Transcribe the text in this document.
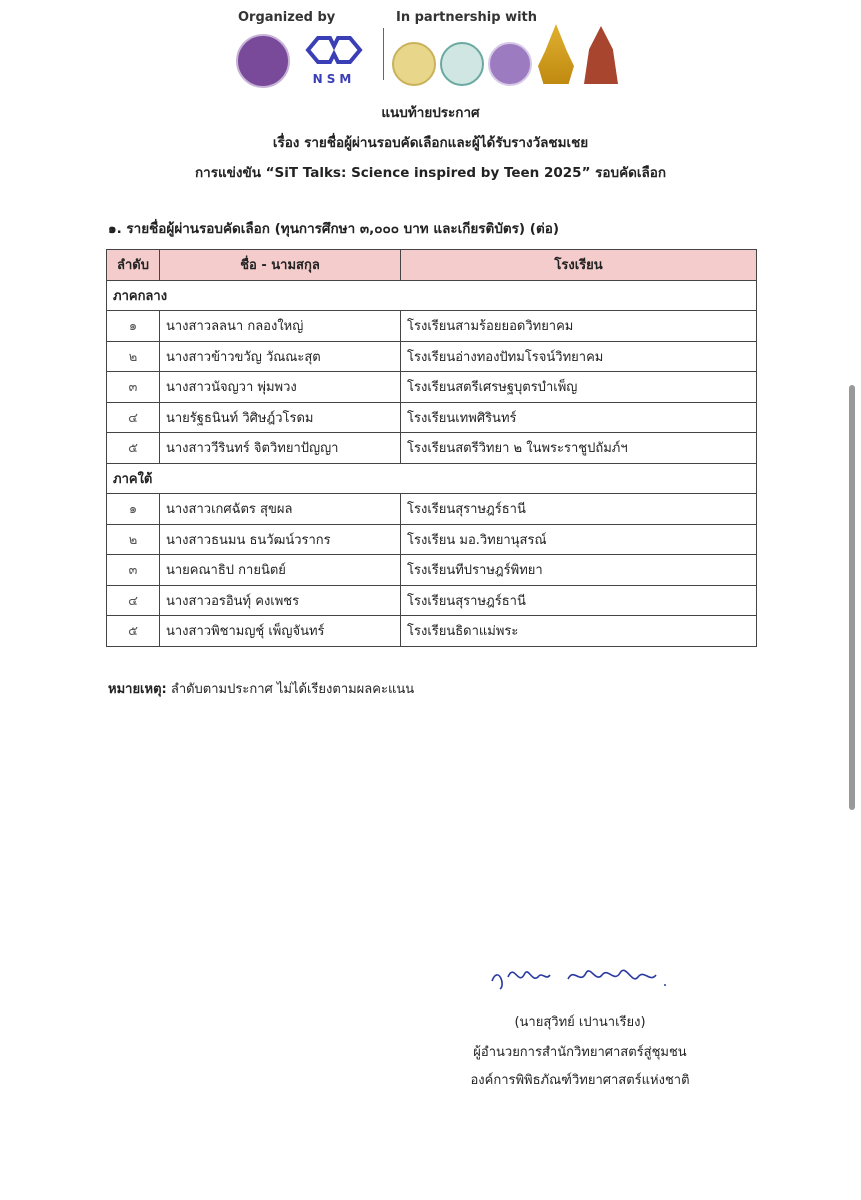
Organized by	In partnership with
NSM
แนบท้ายประกาศ
เรื่อง รายชื่อผู้ผ่านรอบคัดเลือกและผู้ได้รับรางวัลชมเชย
การแข่งขัน “SiT Talks: Science inspired by Teen 2025” รอบคัดเลือก
๑. รายชื่อผู้ผ่านรอบคัดเลือก (ทุนการศึกษา ๓,๐๐๐ บาท และเกียรติบัตร) (ต่อ)
ลำดับ	ชื่อ - นามสกุล	โรงเรียน
ภาคกลาง		
๑	นางสาวลลนา กลองใหญ่	โรงเรียนสามร้อยยอดวิทยาคม
๒	นางสาวข้าวขวัญ วัณณะสุต	โรงเรียนอ่างทองปัทมโรจน์วิทยาคม
๓	นางสาวนัจญวา พุ่มพวง	โรงเรียนสตรีเศรษฐบุตรบำเพ็ญ
๔	นายรัฐธนินท์ วิศิษฎ์วโรดม	โรงเรียนเทพศิรินทร์
๕	นางสาววีรินทร์ จิตวิทยาปัญญา	โรงเรียนสตรีวิทยา ๒ ในพระราชูปถัมภ์ฯ
ภาคใต้		
๑	นางสาวเกศฉัตร สุขผล	โรงเรียนสุราษฎร์ธานี
๒	นางสาวธนมน ธนวัฒน์วรากร	โรงเรียน มอ.วิทยานุสรณ์
๓	นายคณาธิป กายนิตย์	โรงเรียนทีปราษฎร์พิทยา
๔	นางสาวอรอินทุ์ คงเพชร	โรงเรียนสุราษฎร์ธานี
๕	นางสาวพิชามญชุ์ เพ็ญจันทร์	โรงเรียนธิดาแม่พระ
หมายเหตุ: ลำดับตามประกาศ ไม่ได้เรียงตามผลคะแนน
(นายสุวิทย์ เปานาเรียง)
ผู้อำนวยการสำนักวิทยาศาสตร์สู่ชุมชน
องค์การพิพิธภัณฑ์วิทยาศาสตร์แห่งชาติ
